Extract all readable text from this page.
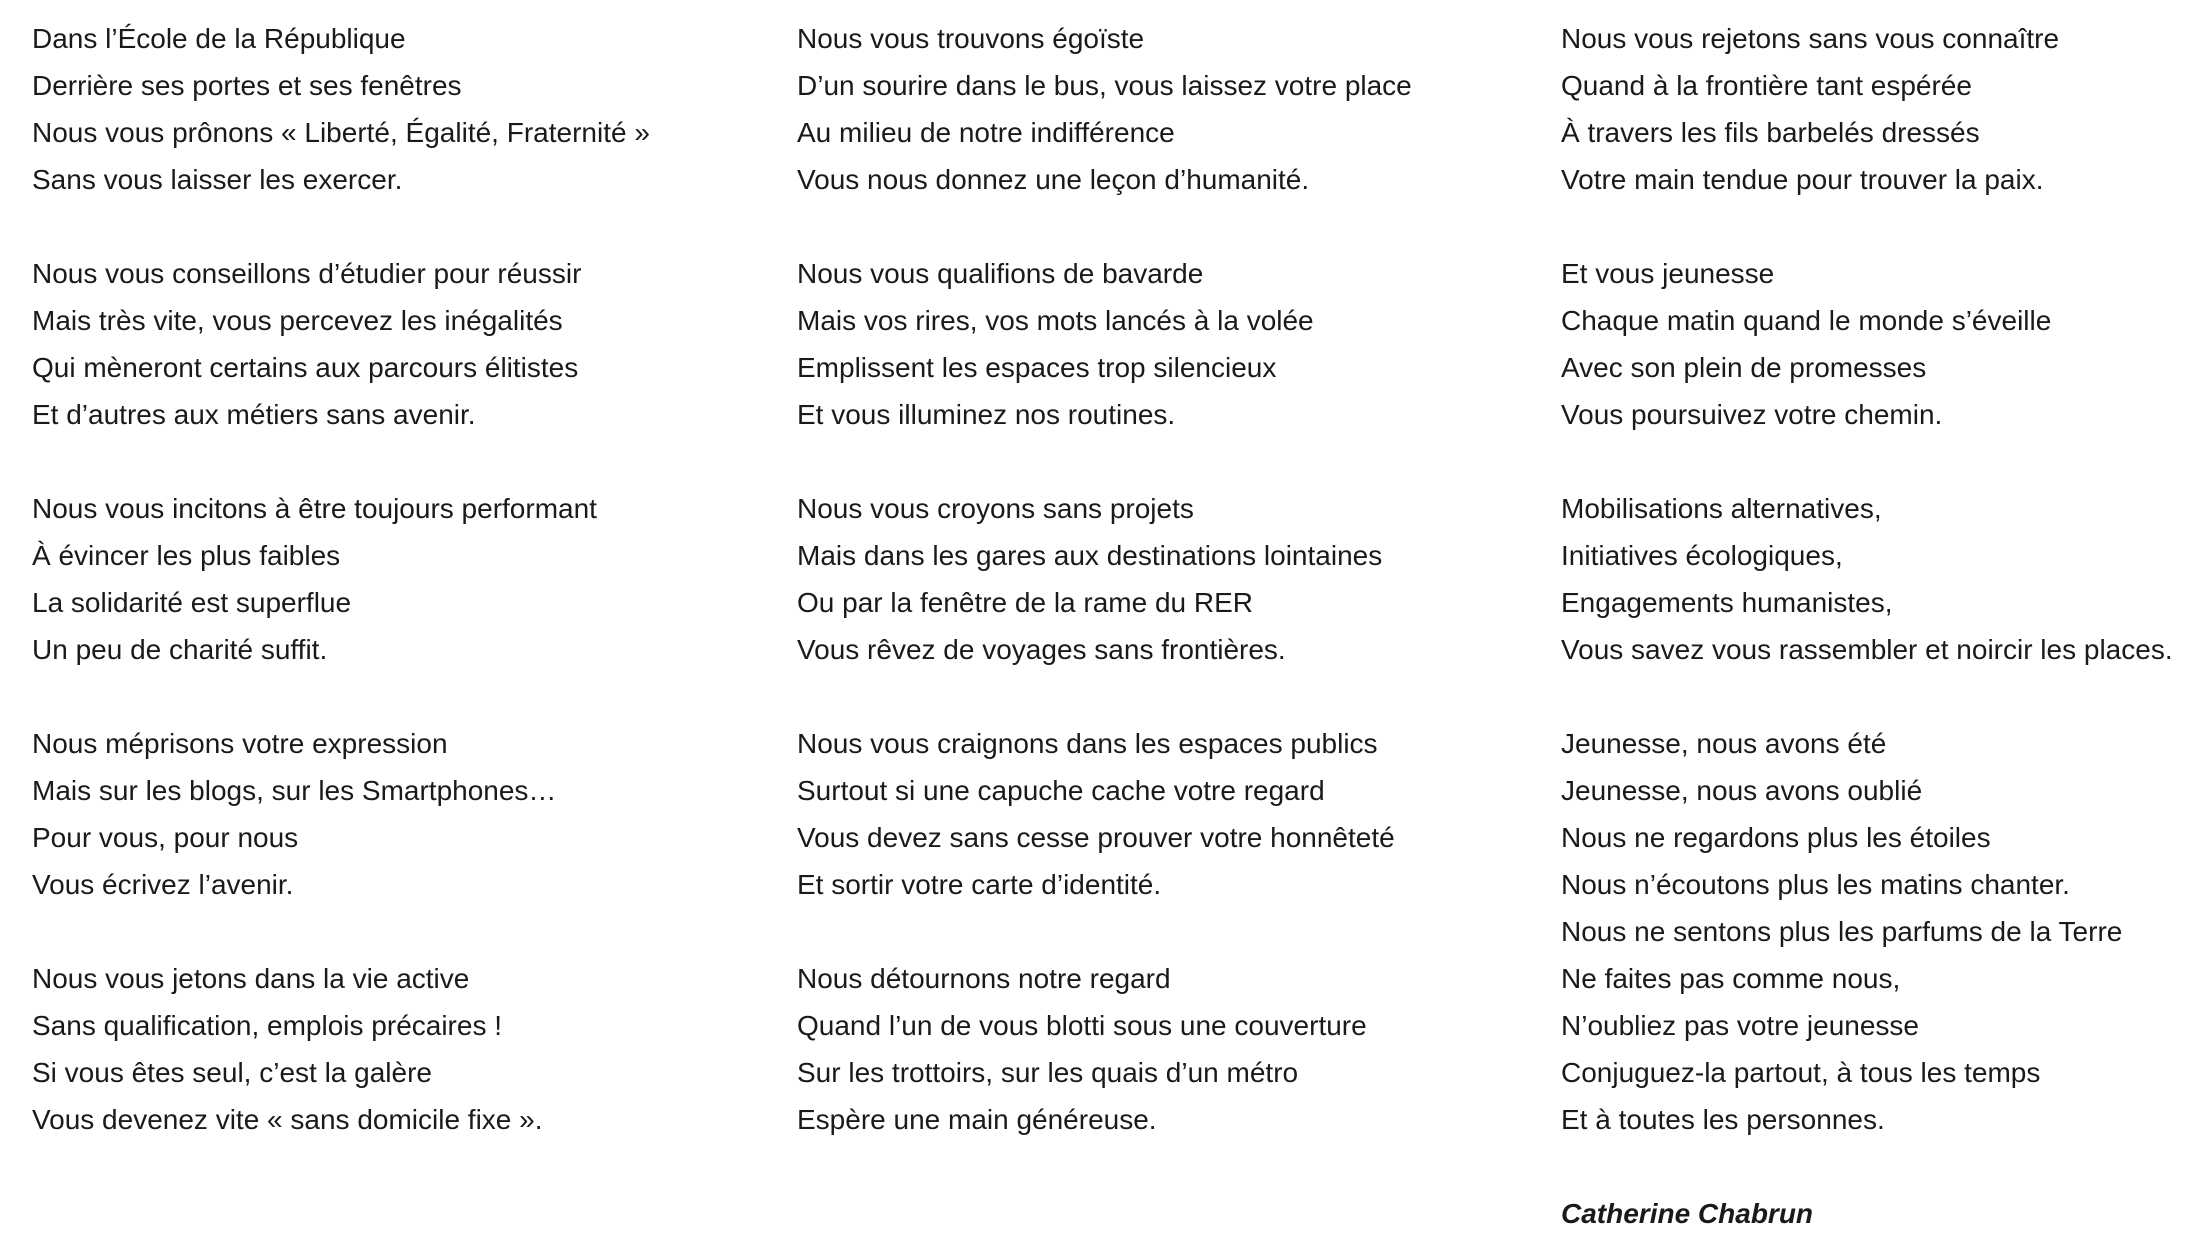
Dans l’École de la République
Derrière ses portes et ses fenêtres
Nous vous prônons « Liberté, Égalité, Fraternité »
Sans vous laisser les exercer.
Nous vous conseillons d’étudier pour réussir
Mais très vite, vous percevez les inégalités
Qui mèneront certains aux parcours élitistes
Et d’autres aux métiers sans avenir.
Nous vous incitons à être toujours performant
À évincer les plus faibles
La solidarité est superflue
Un peu de charité suffit.
Nous méprisons votre expression
Mais sur les blogs, sur les Smartphones…
Pour vous, pour nous
Vous écrivez l’avenir.
Nous vous jetons dans la vie active
Sans qualification, emplois précaires !
Si vous êtes seul, c’est la galère
Vous devenez vite « sans domicile fixe ».
Nous vous trouvons égoïste
D’un sourire dans le bus, vous laissez votre place
Au milieu de notre indifférence
Vous nous donnez une leçon d’humanité.
Nous vous qualifions de bavarde
Mais vos rires, vos mots lancés à la volée
Emplissent les espaces trop silencieux
Et vous illuminez nos routines.
Nous vous croyons sans projets
Mais dans les gares aux destinations lointaines
Ou par la fenêtre de la rame du RER
Vous rêvez de voyages sans frontières.
Nous vous craignons dans les espaces publics
Surtout si une capuche cache votre regard
Vous devez sans cesse prouver votre honnêteté
Et sortir votre carte d’identité.
Nous détournons notre regard
Quand l’un de vous blotti sous une couverture
Sur les trottoirs, sur les quais d’un métro
Espère une main généreuse.
Nous vous rejetons sans vous connaître
Quand à la frontière tant espérée
À travers les fils barbelés dressés
Votre main tendue pour trouver la paix.
Et vous jeunesse
Chaque matin quand le monde s’éveille
Avec son plein de promesses
Vous poursuivez votre chemin.
Mobilisations alternatives,
Initiatives écologiques,
Engagements humanistes,
Vous savez vous rassembler et noircir les places.
Jeunesse, nous avons été
Jeunesse, nous avons oublié
Nous ne regardons plus les étoiles
Nous n’écoutons plus les matins chanter.
Nous ne sentons plus les parfums de la Terre
Ne faites pas comme nous,
N’oubliez pas votre jeunesse
Conjuguez-la partout, à tous les temps
Et à toutes les personnes.
Catherine Chabrun
